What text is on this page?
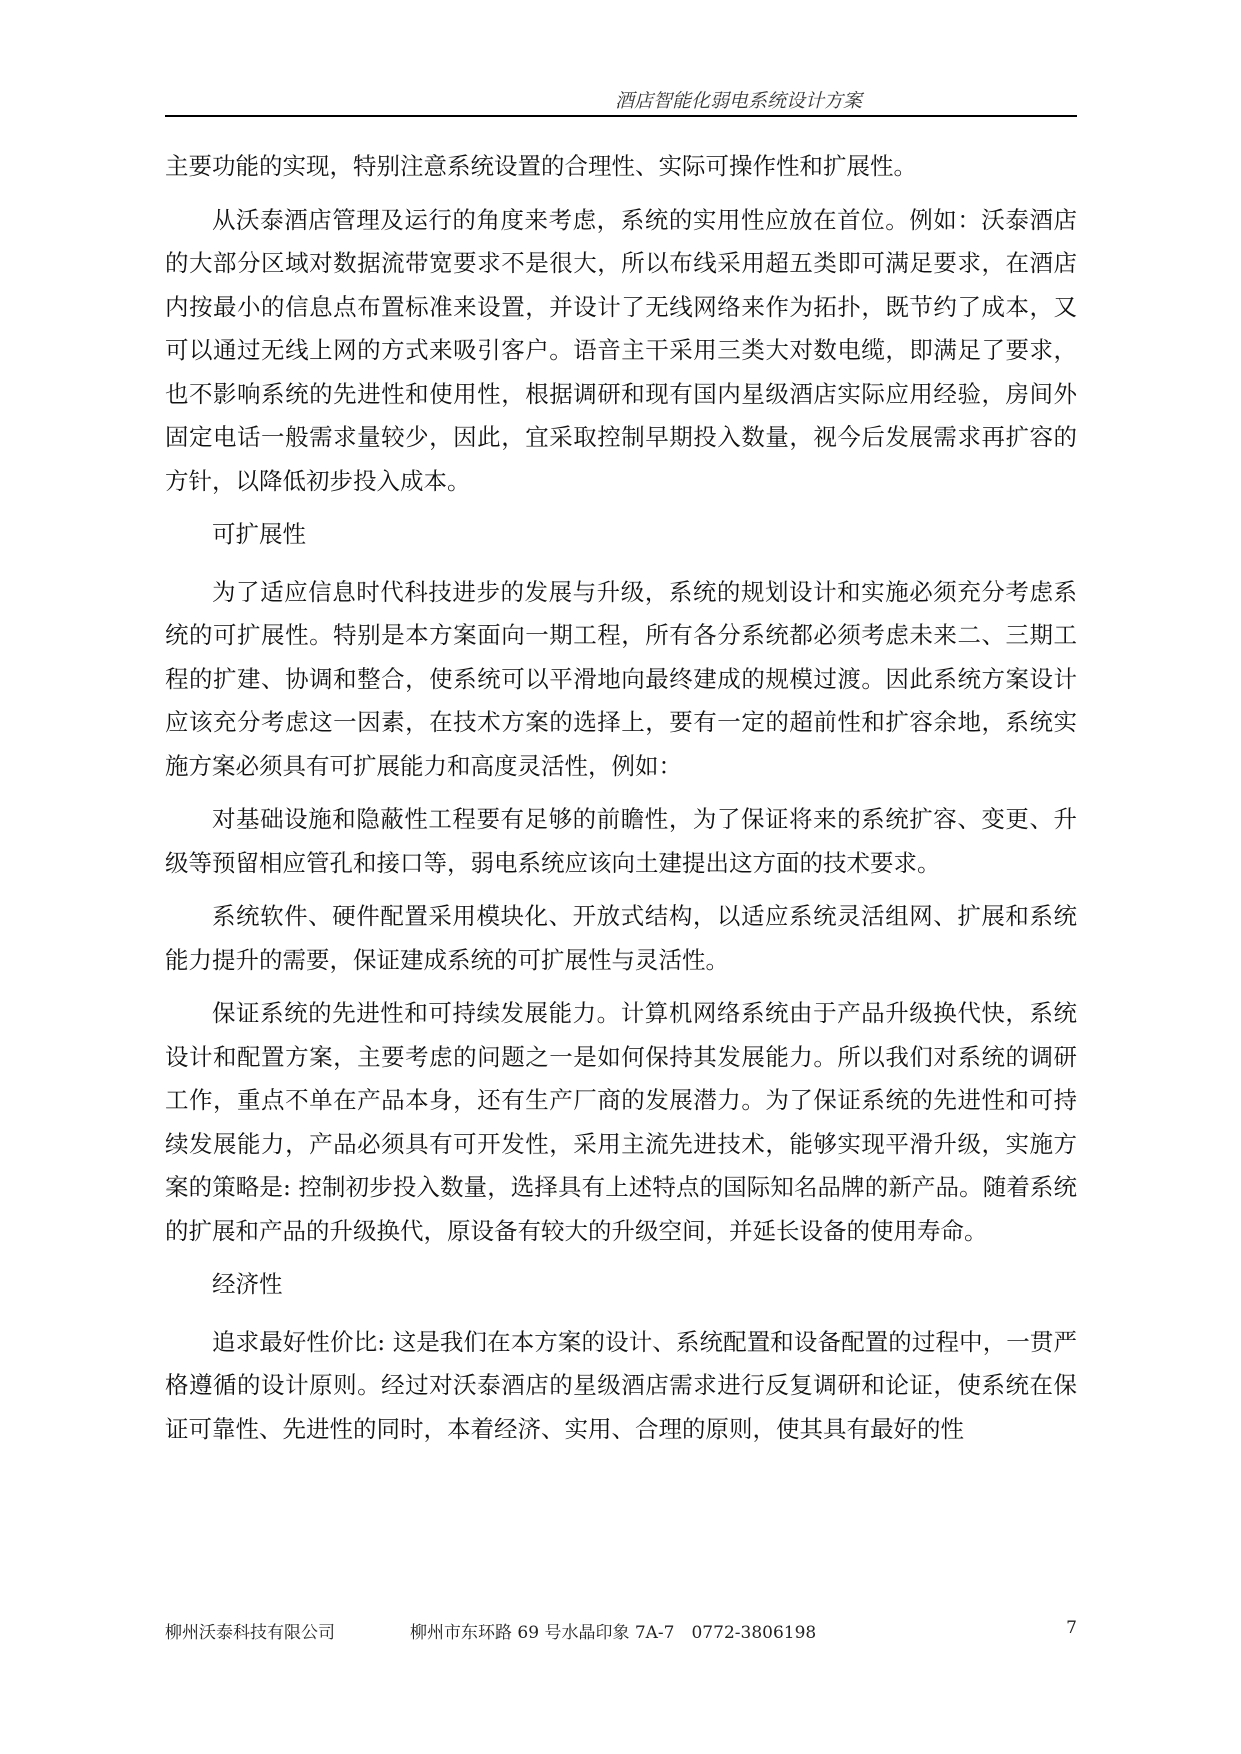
酒店智能化弱电系统设计方案

主要功能的实现，特别注意系统设置的合理性、实际可操作性和扩展性。

从沃泰酒店管理及运行的角度来考虑，系统的实用性应放在首位。例如：沃泰酒店的大部分区域对数据流带宽要求不是很大，所以布线采用超五类即可满足要求，在酒店内按最小的信息点布置标准来设置，并设计了无线网络来作为拓扑，既节约了成本，又可以通过无线上网的方式来吸引客户。语音主干采用三类大对数电缆，即满足了要求，也不影响系统的先进性和使用性，根据调研和现有国内星级酒店实际应用经验，房间外固定电话一般需求量较少，因此，宜采取控制早期投入数量，视今后发展需求再扩容的方针，以降低初步投入成本。

可扩展性

为了适应信息时代科技进步的发展与升级，系统的规划设计和实施必须充分考虑系统的可扩展性。特别是本方案面向一期工程，所有各分系统都必须考虑未来二、三期工程的扩建、协调和整合，使系统可以平滑地向最终建成的规模过渡。因此系统方案设计应该充分考虑这一因素，在技术方案的选择上，要有一定的超前性和扩容余地，系统实施方案必须具有可扩展能力和高度灵活性，例如：

对基础设施和隐蔽性工程要有足够的前瞻性，为了保证将来的系统扩容、变更、升级等预留相应管孔和接口等，弱电系统应该向土建提出这方面的技术要求。

系统软件、硬件配置采用模块化、开放式结构，以适应系统灵活组网、扩展和系统能力提升的需要，保证建成系统的可扩展性与灵活性。

保证系统的先进性和可持续发展能力。计算机网络系统由于产品升级换代快，系统设计和配置方案，主要考虑的问题之一是如何保持其发展能力。所以我们对系统的调研工作，重点不单在产品本身，还有生产厂商的发展潜力。为了保证系统的先进性和可持续发展能力，产品必须具有可开发性，采用主流先进技术，能够实现平滑升级，实施方案的策略是: 控制初步投入数量，选择具有上述特点的国际知名品牌的新产品。随着系统的扩展和产品的升级换代，原设备有较大的升级空间，并延长设备的使用寿命。

经济性

追求最好性价比: 这是我们在本方案的设计、系统配置和设备配置的过程中，一贯严格遵循的设计原则。经过对沃泰酒店的星级酒店需求进行反复调研和论证，使系统在保证可靠性、先进性的同时，本着经济、实用、合理的原则，使其具有最好的性

柳州沃泰科技有限公司	柳州市东环路 69 号水晶印象 7A-7　0772-3806198	7
